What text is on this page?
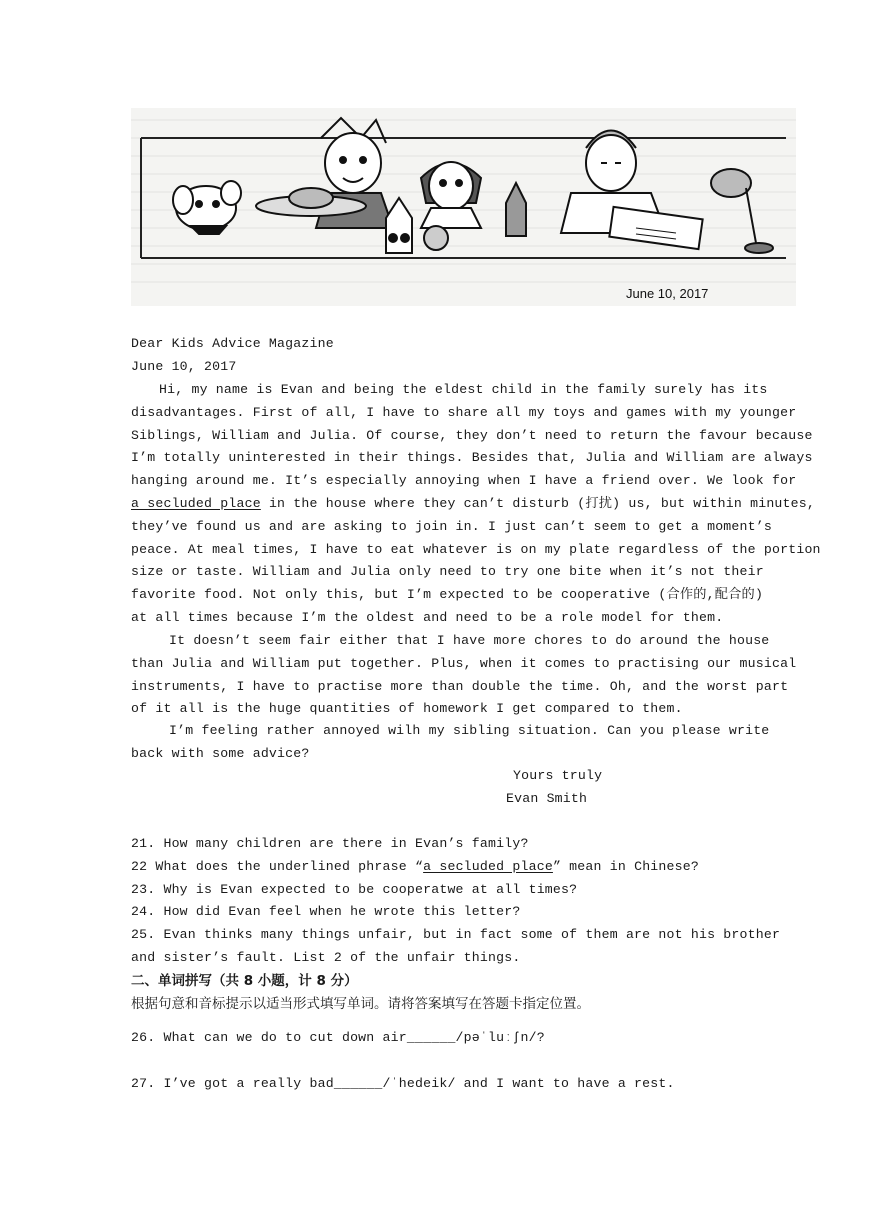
June 10, 2017
Dear Kids Advice Magazine
June 10, 2017
Hi, my name is Evan and being the eldest child in the family surely has its
disadvantages. First of all, I have to share all my toys and games with my younger
Siblings, William and Julia. Of course, they don’t need to return the favour because
I’m totally uninterested in their things. Besides that, Julia and William are always
hanging around me. It’s especially annoying when I have a friend over. We look for
a secluded place in the house where they can’t disturb (打扰) us, but within minutes,
they’ve found us and are asking to join in. I just can’t seem to get a moment’s
peace. At meal times, I have to eat whatever is on my plate regardless of the portion
size or taste. William and Julia only need to try one bite when it’s not their
favorite food. Not only this, but I’m expected to be cooperative (合作的,配合的)
at all times because I’m the oldest and need to be a role model for them.
It doesn’t seem fair either that I have more chores to do around the house
than Julia and William put together. Plus, when it comes to practising our musical
instruments, I have to practise more than double the time. Oh, and the worst part
of it all is the huge quantities of homework I get compared to them.
I’m feeling rather annoyed wilh my sibling situation. Can you please write
back with some advice?
Yours truly
Evan Smith
21. How many children are there in Evan’s family?
22 What does the underlined phrase “a secluded place” mean in Chinese?
23. Why is Evan expected to be cooperatwe at all times?
24. How did Evan feel when he wrote this letter?
25. Evan thinks many things unfair, but in fact some of them are not his brother
and sister’s fault. List 2 of the unfair things.
二、单词拼写（共 8 小题，计 8 分）
根据句意和音标提示以适当形式填写单词。请将答案填写在答题卡指定位置。
26. What can we do to cut down air______/pəˈluːʃn/?
27. I’ve got a really bad______/ˈhedeik/ and I want to have a rest.
